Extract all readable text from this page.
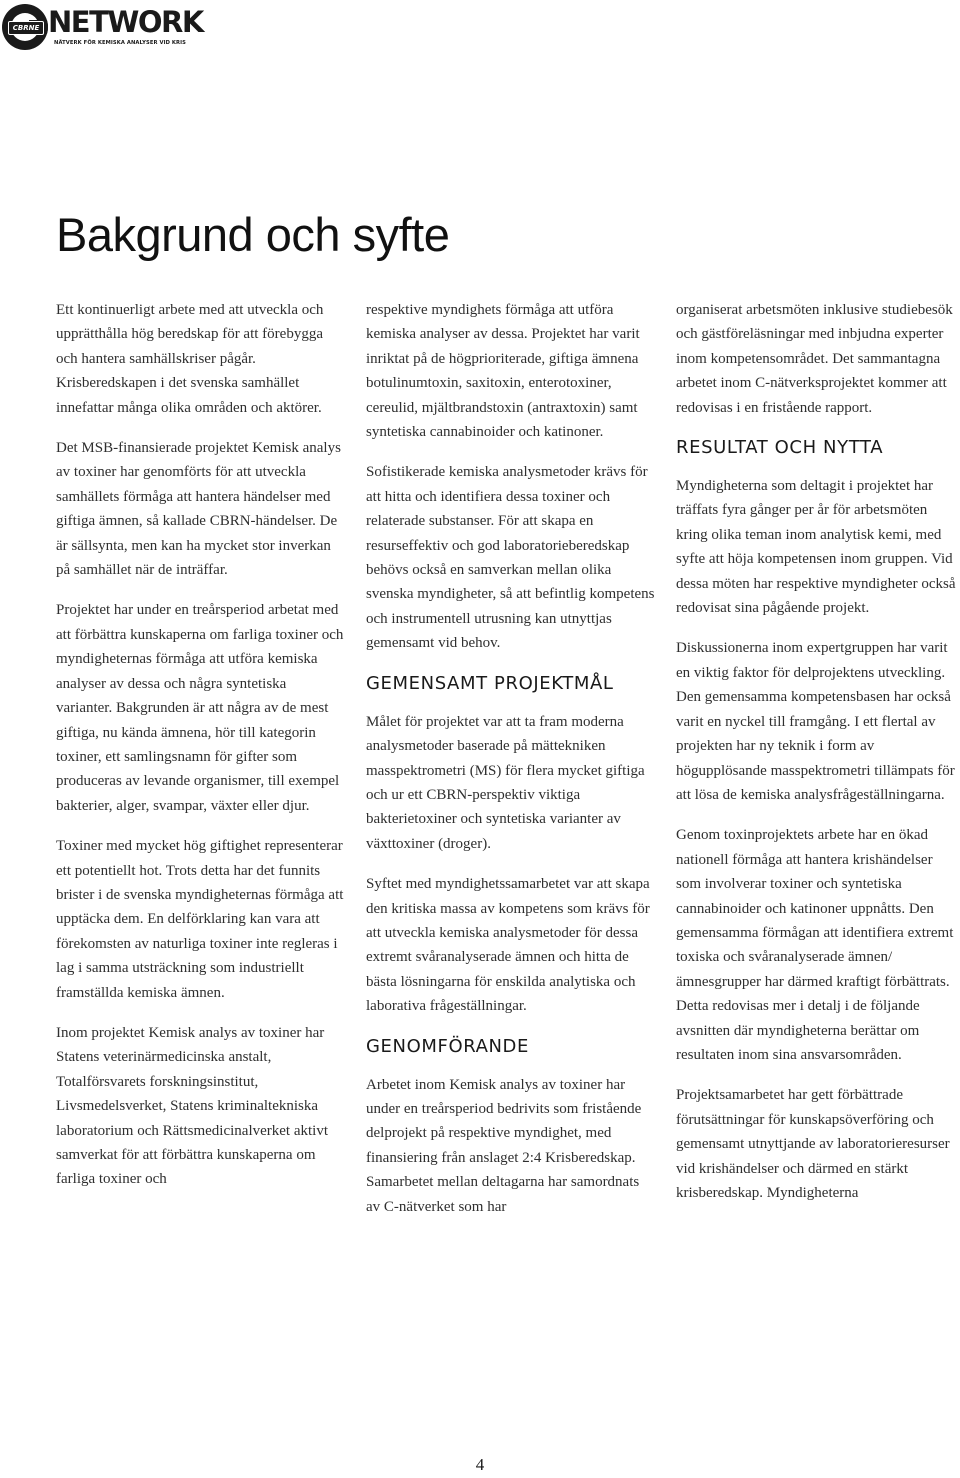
CBRNE NETWORK
NÄTVERK FÖR KEMISKA ANALYSER VID KRIS
Bakgrund och syfte

Ett kontinuerligt arbete med att utveckla och upprätthålla hög beredskap för att förebygga och hantera samhällskriser pågår. Krisberedskapen i det svenska samhället innefattar många olika områden och aktörer.

Det MSB-finansierade projektet Kemisk analys av toxiner har genomförts för att utveckla samhällets förmåga att hantera händelser med giftiga ämnen, så kallade CBRN-händelser. De är sällsynta, men kan ha mycket stor inverkan på samhället när de inträffar.

Projektet har under en treårsperiod arbetat med att förbättra kunskaperna om farliga toxiner och myndigheternas förmåga att utföra kemiska analyser av dessa och några syntetiska varianter. Bakgrunden är att några av de mest giftiga, nu kända ämnena, hör till kategorin toxiner, ett samlingsnamn för gifter som produceras av levande organismer, till exempel bakterier, alger, svampar, växter eller djur.

Toxiner med mycket hög giftighet representerar ett potentiellt hot. Trots detta har det funnits brister i de svenska myndigheternas förmåga att upptäcka dem. En delförklaring kan vara att förekomsten av naturliga toxiner inte regleras i lag i samma utsträckning som industriellt framställda kemiska ämnen.

Inom projektet Kemisk analys av toxiner har Statens veterinärmedicinska anstalt, Totalförsvarets forskningsinstitut, Livsmedelsverket, Statens kriminaltekniska laboratorium och Rättsmedicinalverket aktivt samverkat för att förbättra kunskaperna om farliga toxiner och

respektive myndighets förmåga att utföra kemiska analyser av dessa. Projektet har varit inriktat på de högprioriterade, giftiga ämnena botulinumtoxin, saxitoxin, enterotoxiner, cereulid, mjältbrandstoxin (antraxtoxin) samt syntetiska cannabinoider och katinoner.

Sofistikerade kemiska analysmetoder krävs för att hitta och identifiera dessa toxiner och relaterade substanser. För att skapa en resurseffektiv och god laboratorieberedskap behövs också en samverkan mellan olika svenska myndigheter, så att befintlig kompetens och instrumentell utrusning kan utnyttjas gemensamt vid behov.

GEMENSAMT PROJEKTMÅL

Målet för projektet var att ta fram moderna analysmetoder baserade på mättekniken masspektrometri (MS) för flera mycket giftiga och ur ett CBRN-perspektiv viktiga bakterietoxiner och syntetiska varianter av växttoxiner (droger).

Syftet med myndighetssamarbetet var att skapa den kritiska massa av kompetens som krävs för att utveckla kemiska analysmetoder för dessa extremt svåranalyserade ämnen och hitta de bästa lösningarna för enskilda analytiska och laborativa frågeställningar.

GENOMFÖRANDE

Arbetet inom Kemisk analys av toxiner har under en treårsperiod bedrivits som fristående delprojekt på respektive myndighet, med finansiering från anslaget 2:4 Krisberedskap. Samarbetet mellan deltagarna har samordnats av C-nätverket som har

organiserat arbetsmöten inklusive studiebesök och gästföreläsningar med inbjudna experter inom kompetensområdet. Det sammantagna arbetet inom C-nätverksprojektet kommer att redovisas i en fristående rapport.

RESULTAT OCH NYTTA

Myndigheterna som deltagit i projektet har träffats fyra gånger per år för arbetsmöten kring olika teman inom analytisk kemi, med syfte att höja kompetensen inom gruppen. Vid dessa möten har respektive myndigheter också redovisat sina pågående projekt.

Diskussionerna inom expertgruppen har varit en viktig faktor för delprojektens utveckling. Den gemensamma kompetensbasen har också varit en nyckel till framgång. I ett flertal av projekten har ny teknik i form av högupplösande masspektrometri tillämpats för att lösa de kemiska analysfrågeställningarna.

Genom toxinprojektets arbete har en ökad nationell förmåga att hantera krishändelser som involverar toxiner och syntetiska cannabinoider och katinoner uppnåtts. Den gemensamma förmågan att identifiera extremt toxiska och svåranalyserade ämnen/ämnesgrupper har därmed kraftigt förbättrats. Detta redovisas mer i detalj i de följande avsnitten där myndigheterna berättar om resultaten inom sina ansvarsområden.

Projektsamarbetet har gett förbättrade förutsättningar för kunskapsöverföring och gemensamt utnyttjande av laboratorieresurser vid krishändelser och därmed en stärkt krisberedskap. Myndigheterna

4
